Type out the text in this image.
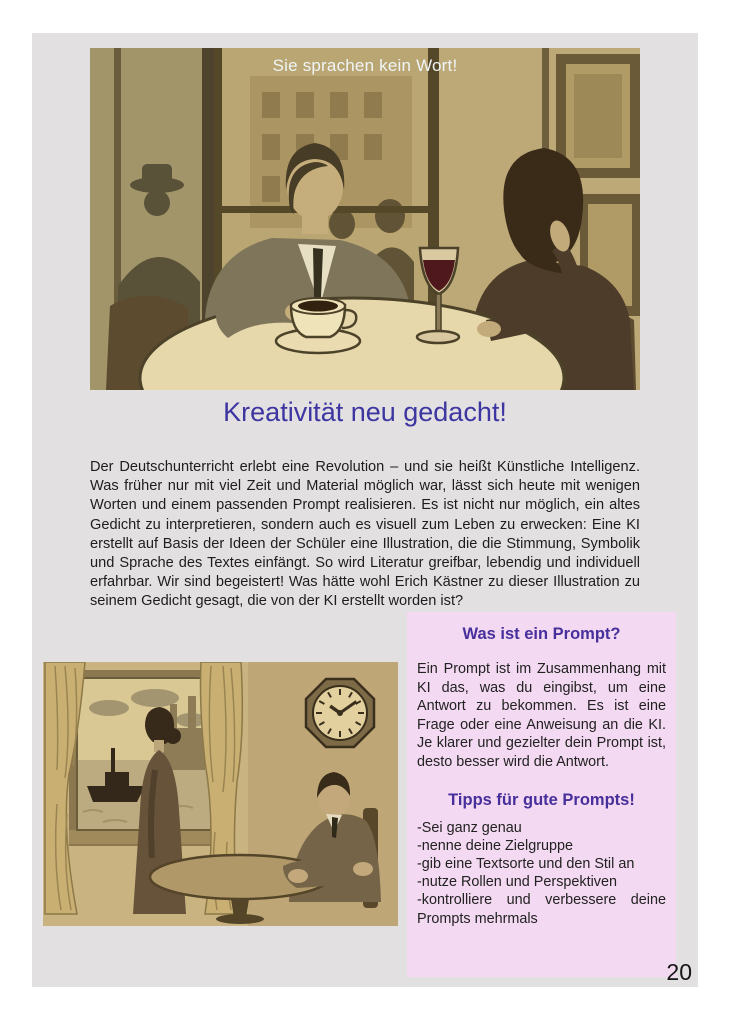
Sie sprachen kein Wort!
Kreativität neu gedacht!

Der Deutschunterricht erlebt eine Revolution – und sie heißt Künstliche Intelligenz. Was früher nur mit viel Zeit und Material möglich war, lässt sich heute mit wenigen Worten und einem passenden Prompt realisieren. Es ist nicht nur möglich, ein altes Gedicht zu interpretieren, sondern auch es visuell zum Leben zu erwecken: Eine KI erstellt auf Basis der Ideen der Schüler eine Illustration, die die Stimmung, Symbolik und Sprache des Textes einfängt. So wird Literatur greifbar, lebendig und individuell erfahrbar. Wir sind begeistert! Was hätte wohl Erich Kästner zu dieser Illustration zu seinem Gedicht gesagt, die von der KI erstellt worden ist?

Was ist ein Prompt?

Ein Prompt ist im Zusammenhang mit KI das, was du eingibst, um eine Antwort zu bekommen. Es ist eine Frage oder eine Anweisung an die KI. Je klarer und gezielter dein Prompt ist, desto besser wird die Antwort.

Tipps für gute Prompts!
-Sei ganz genau
-nenne deine Zielgruppe
-gib eine Textsorte und den Stil an
-nutze Rollen und Perspektiven
-kontrolliere und verbessere deine Prompts mehrmals
20
